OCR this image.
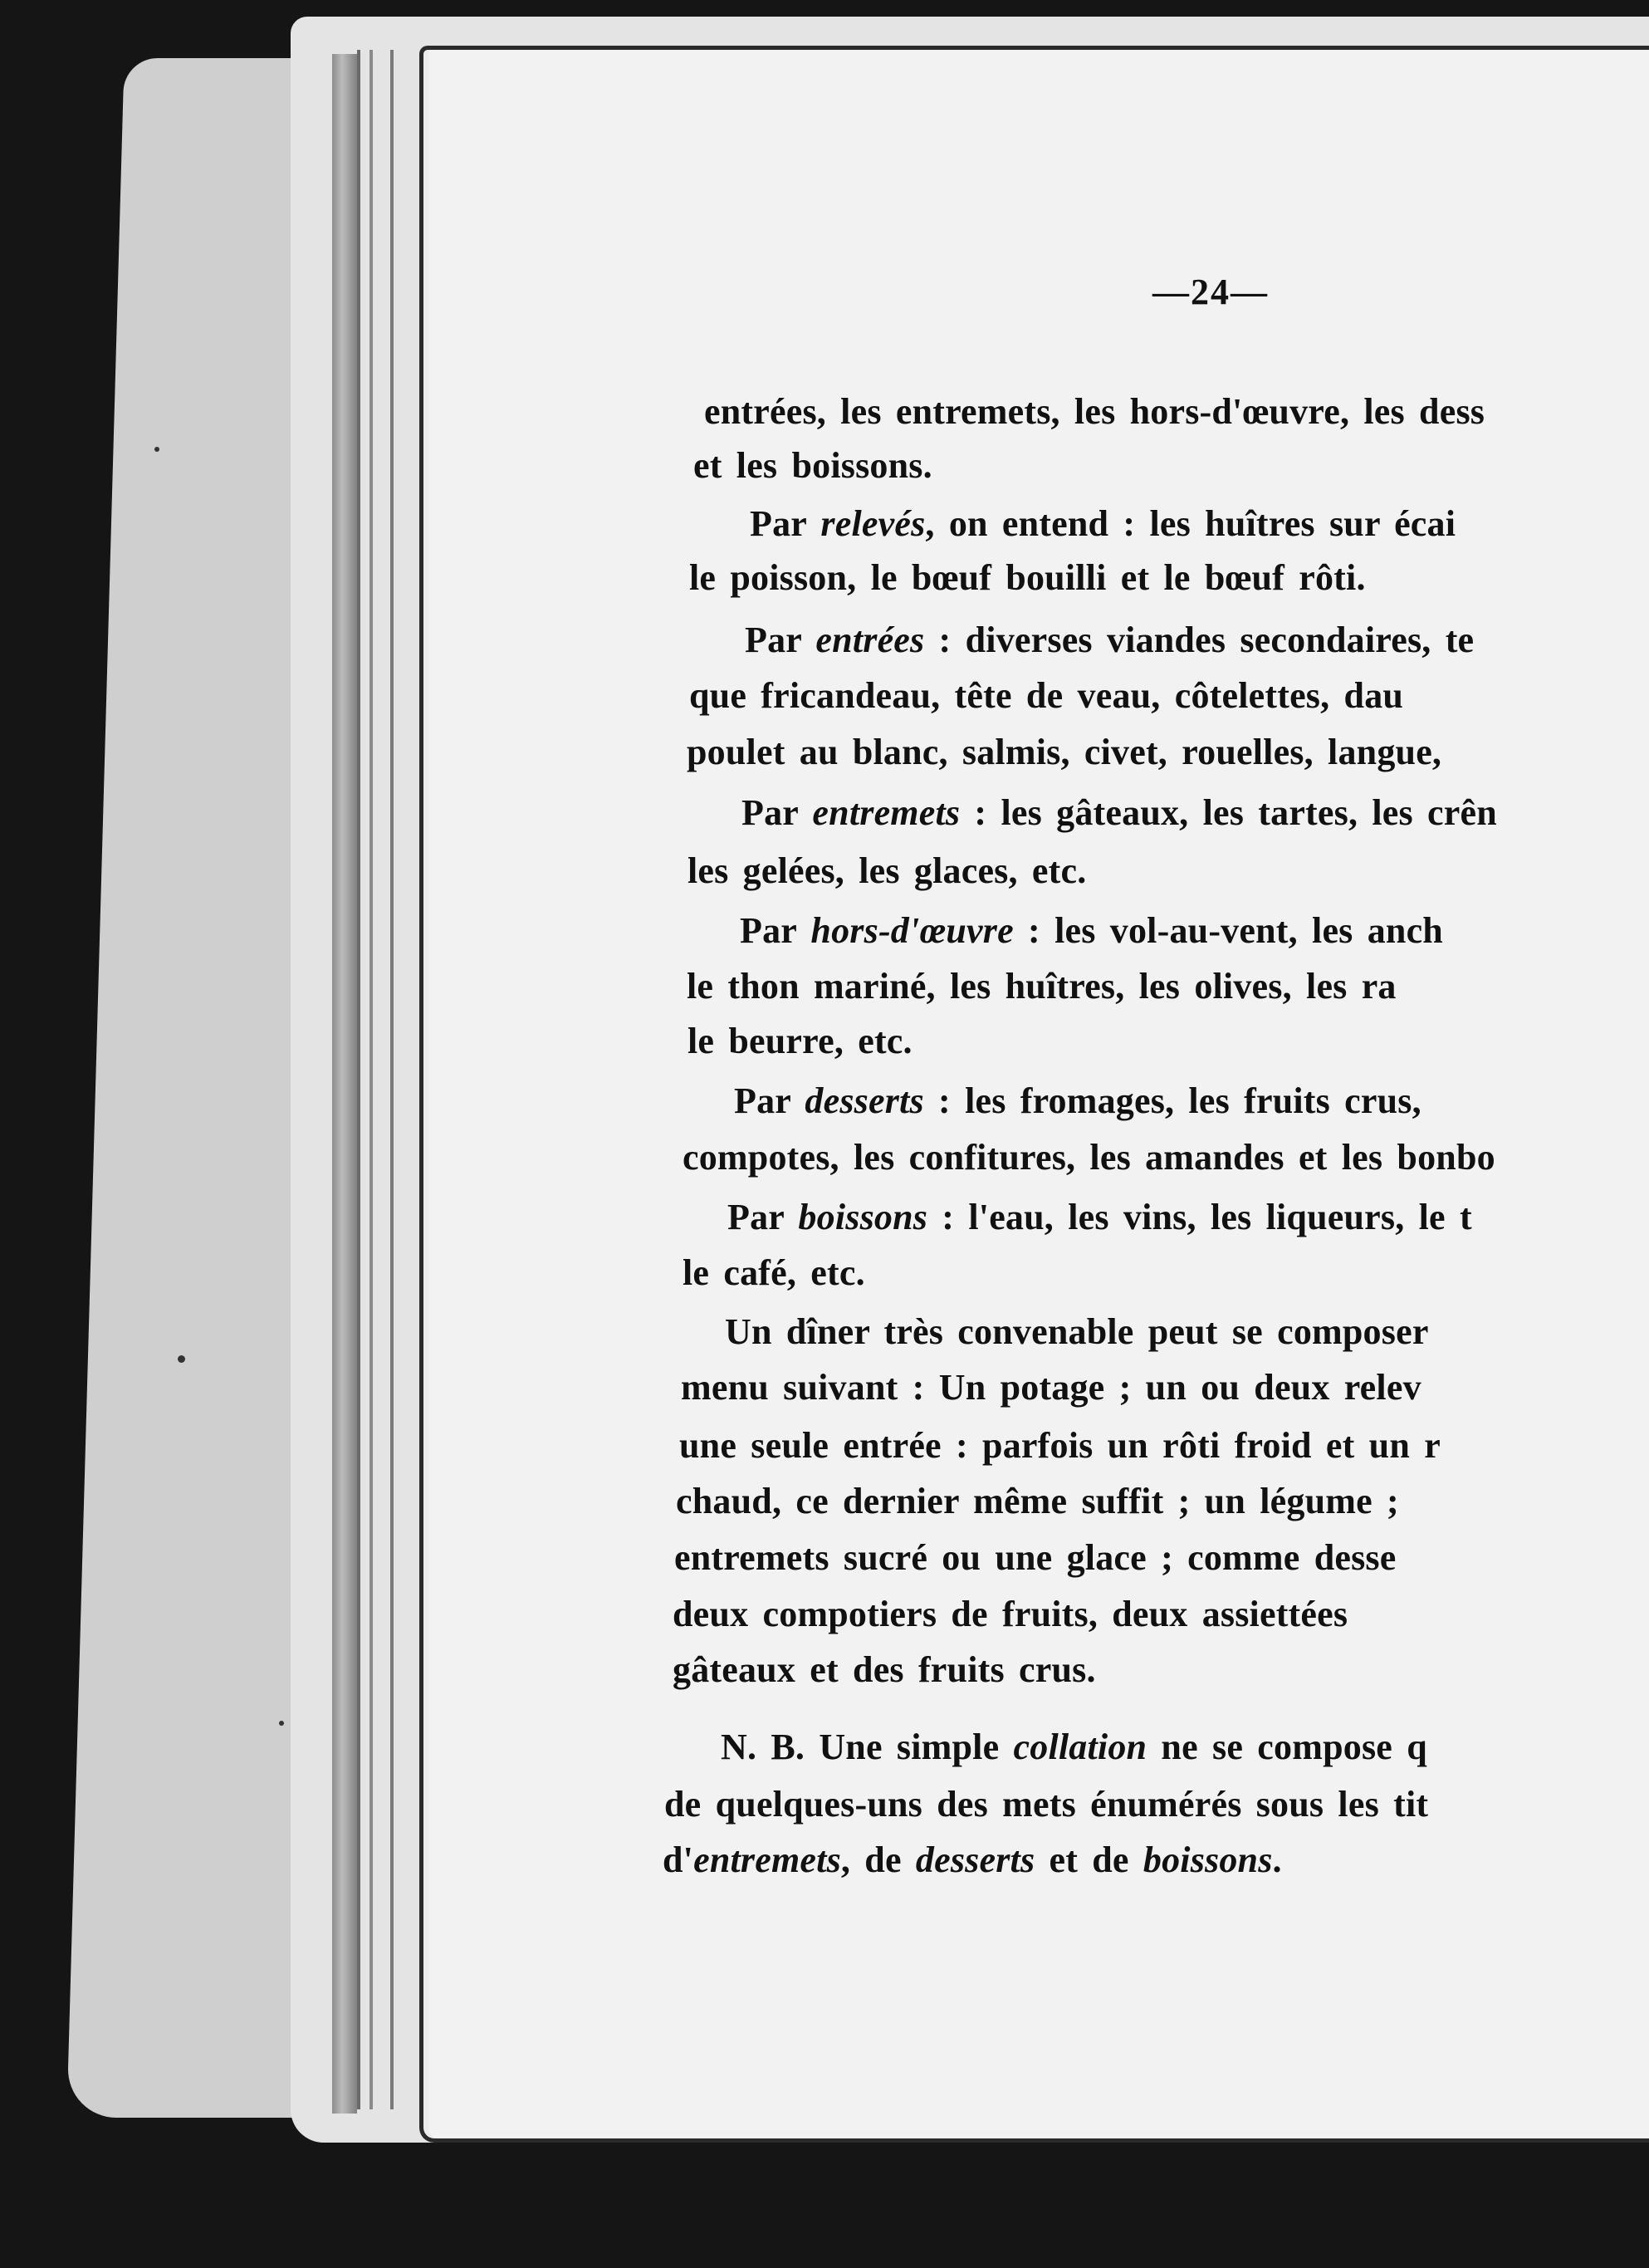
—24—
entrées, les entremets, les hors-d'œuvre, les dess
et les boissons.
Par relevés, on entend : les huîtres sur écai
le poisson, le bœuf bouilli et le bœuf rôti.
Par entrées : diverses viandes secondaires, te
que fricandeau, tête de veau, côtelettes, dau
poulet au blanc, salmis, civet, rouelles, langue,
Par entremets : les gâteaux, les tartes, les crên
les gelées, les glaces, etc.
Par hors-d'œuvre : les vol-au-vent, les anch
le thon mariné, les huîtres, les olives, les ra
le beurre, etc.
Par desserts : les fromages, les fruits crus,
compotes, les confitures, les amandes et les bonbo
Par boissons : l'eau, les vins, les liqueurs, le t
le café, etc.
Un dîner très convenable peut se composer
menu suivant : Un potage ; un ou deux relev
une seule entrée : parfois un rôti froid et un r
chaud, ce dernier même suffit ; un légume ;
entremets sucré ou une glace ; comme desse
deux compotiers de fruits, deux assiettées
gâteaux et des fruits crus.
N. B. Une simple collation ne se compose q
de quelques-uns des mets énumérés sous les tit
d'entremets, de desserts et de boissons.
